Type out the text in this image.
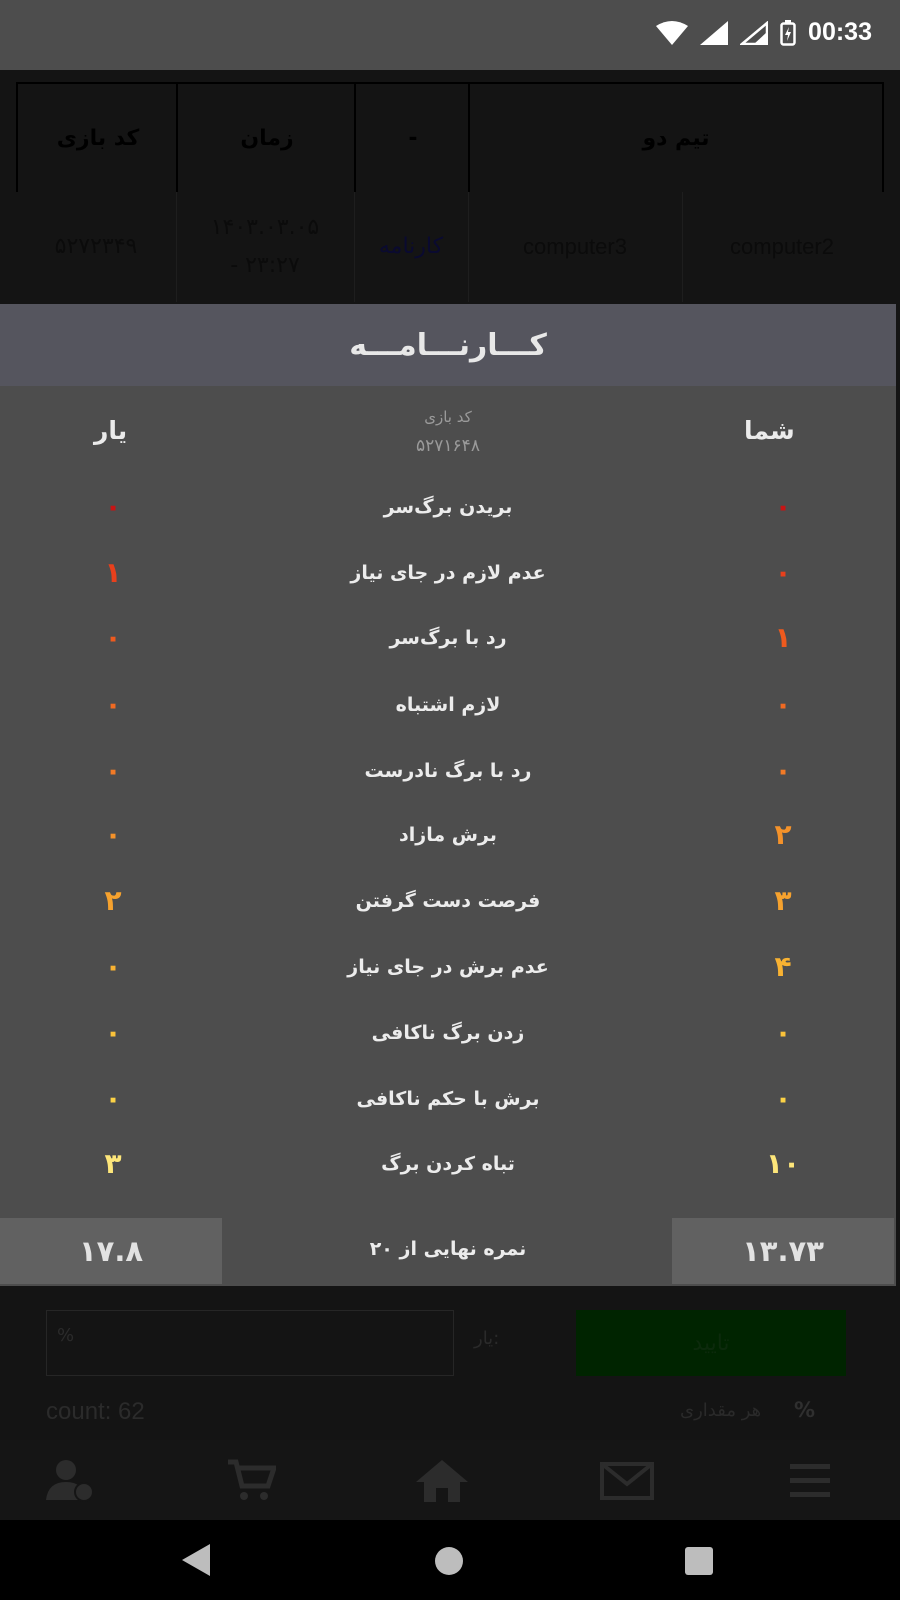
00:33
تیم دو
-
زمان
کد بازی
computer2
computer3
کارنامه
۱۴۰۳.۰۳.۰۵
- ۲۳:۲۷
۵۲۷۲۳۴۹
کـــارنـــامـــه
شما
یار	کد بازی
۵۲۷۱۶۴۸
۰
بریدن برگ‌سر
۰
۰
عدم لازم در جای نیاز
۱
۱
رد با برگ‌سر
۰
۰
لازم اشتباه
۰
۰
رد با برگ نادرست
۰
۲
برش مازاد
۰
۳
فرصت دست گرفتن
۲
۴
عدم برش در جای نیاز
۰
۰
زدن برگ ناکافی
۰
۰
برش با حکم ناکافی
۰
۱۰
تباه کردن برگ
۳
۱۳.۷۳
نمره نهایی از ۲۰
۱۷.۸
تایید
یار:
%
count: 62	هر مقداری %
